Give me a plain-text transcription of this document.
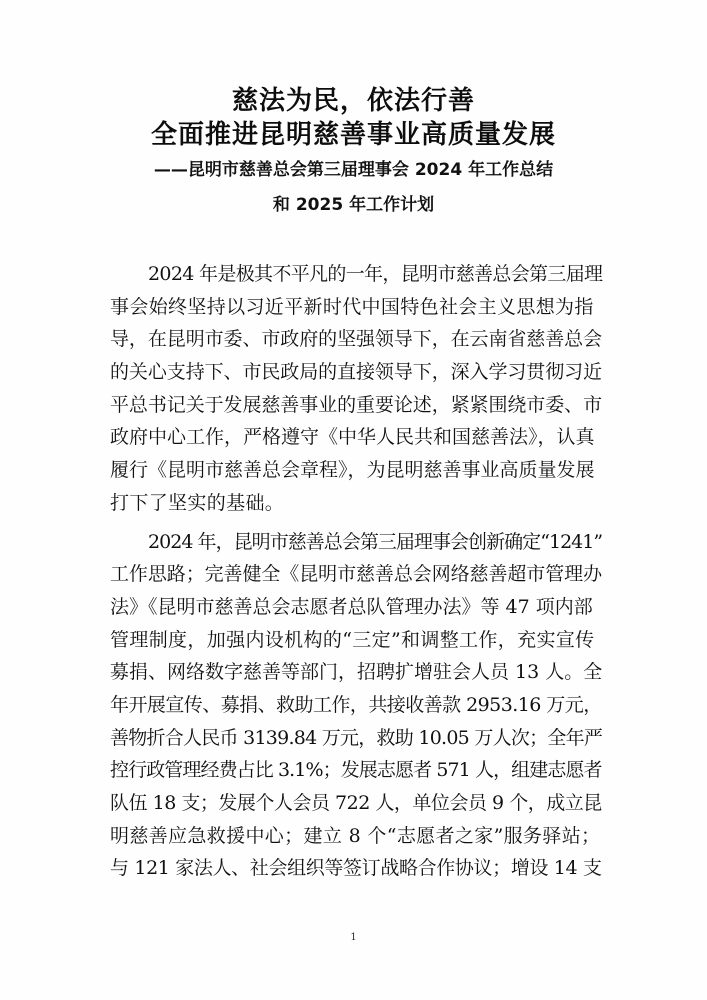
慈法为民，依法行善
全面推进昆明慈善事业高质量发展
——昆明市慈善总会第三届理事会 2024 年工作总结
和 2025 年工作计划
2024 年是极其不平凡的一年，昆明市慈善总会第三届理
事会始终坚持以习近平新时代中国特色社会主义思想为指
导，在昆明市委、市政府的坚强领导下，在云南省慈善总会
的关心支持下、市民政局的直接领导下，深入学习贯彻习近
平总书记关于发展慈善事业的重要论述，紧紧围绕市委、市
政府中心工作，严格遵守《中华人民共和国慈善法》，认真
履行《昆明市慈善总会章程》，为昆明慈善事业高质量发展
打下了坚实的基础。
2024 年，昆明市慈善总会第三届理事会创新确定“1241”
工作思路；完善健全《昆明市慈善总会网络慈善超市管理办
法》《昆明市慈善总会志愿者总队管理办法》等 47 项内部
管理制度，加强内设机构的“三定”和调整工作，充实宣传
募捐、网络数字慈善等部门，招聘扩增驻会人员 13 人。全
年开展宣传、募捐、救助工作，共接收善款 2953.16 万元，
善物折合人民币 3139.84 万元，救助 10.05 万人次；全年严
控行政管理经费占比 3.1%；发展志愿者 571 人，组建志愿者
队伍 18 支；发展个人会员 722 人，单位会员 9 个，成立昆
明慈善应急救援中心；建立 8 个“志愿者之家”服务驿站；
与 121 家法人、社会组织等签订战略合作协议；增设 14 支
1
